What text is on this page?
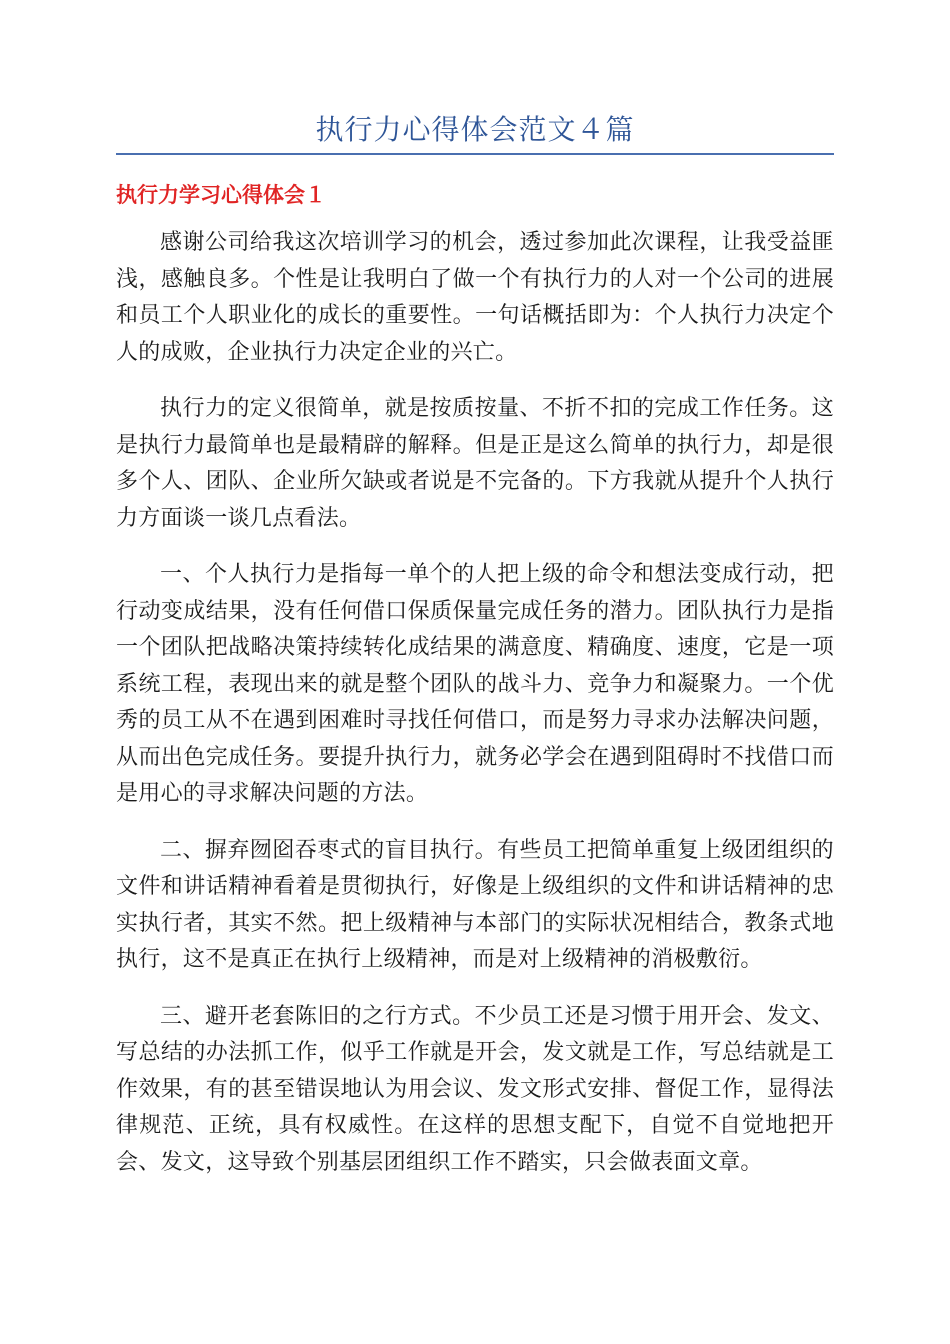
执行力心得体会范文４篇
执行力学习心得体会１

感谢公司给我这次培训学习的机会，透过参加此次课程，让我受益匪浅，感触良多。个性是让我明白了做一个有执行力的人对一个公司的进展和员工个人职业化的成长的重要性。一句话概括即为：个人执行力决定个人的成败，企业执行力决定企业的兴亡。

执行力的定义很简单，就是按质按量、不折不扣的完成工作任务。这是执行力最简单也是最精辟的解释。但是正是这么简单的执行力，却是很多个人、团队、企业所欠缺或者说是不完备的。下方我就从提升个人执行力方面谈一谈几点看法。

一、个人执行力是指每一单个的人把上级的命令和想法变成行动，把行动变成结果，没有任何借口保质保量完成任务的潜力。团队执行力是指一个团队把战略决策持续转化成结果的满意度、精确度、速度，它是一项系统工程，表现出来的就是整个团队的战斗力、竞争力和凝聚力。一个优秀的员工从不在遇到困难时寻找任何借口，而是努力寻求办法解决问题，从而出色完成任务。要提升执行力，就务必学会在遇到阻碍时不找借口而是用心的寻求解决问题的方法。

二、摒弃囫囵吞枣式的盲目执行。有些员工把简单重复上级团组织的文件和讲话精神看着是贯彻执行，好像是上级组织的文件和讲话精神的忠实执行者，其实不然。把上级精神与本部门的实际状况相结合，教条式地执行，这不是真正在执行上级精神，而是对上级精神的消极敷衍。

三、避开老套陈旧的之行方式。不少员工还是习惯于用开会、发文、写总结的办法抓工作，似乎工作就是开会，发文就是工作，写总结就是工作效果，有的甚至错误地认为用会议、发文形式安排、督促工作，显得法律规范、正统，具有权威性。在这样的思想支配下，自觉不自觉地把开会、发文，这导致个别基层团组织工作不踏实，只会做表面文章。
